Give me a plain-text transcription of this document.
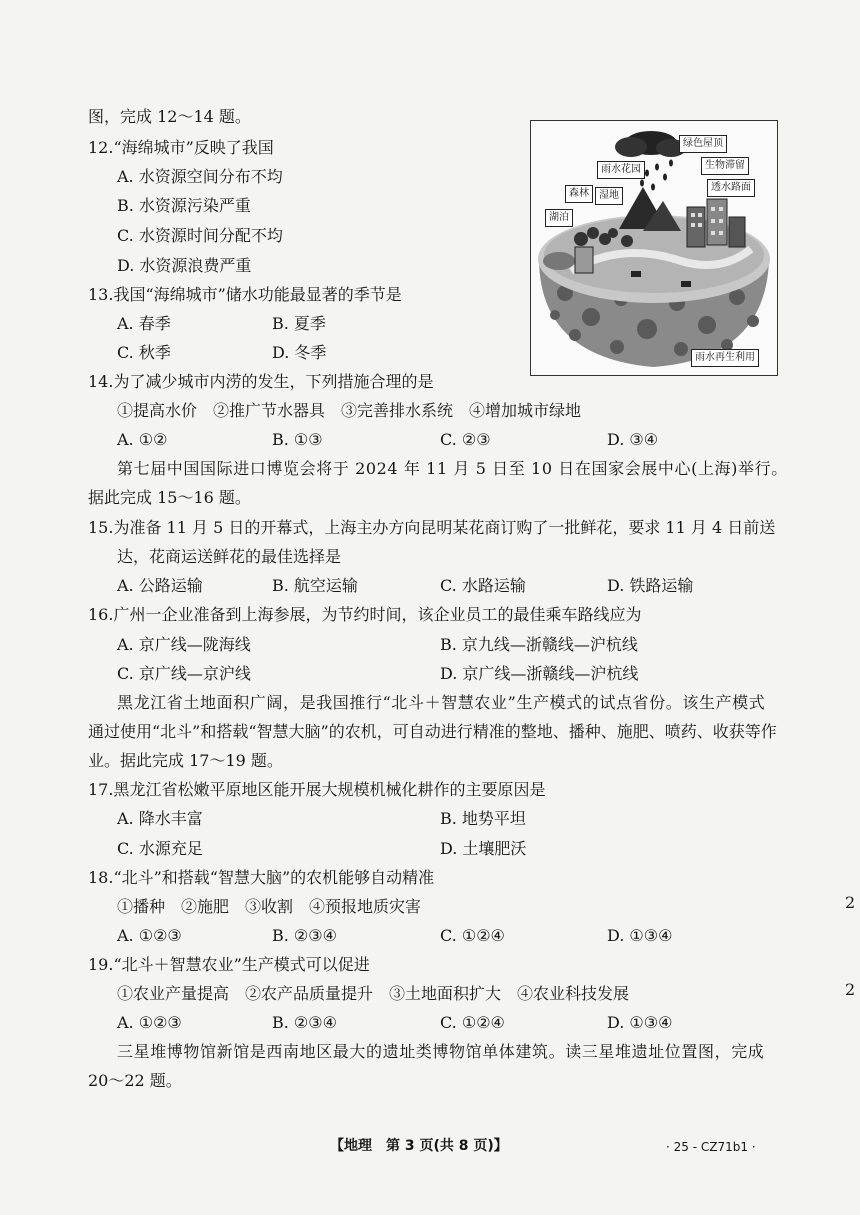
图，完成 12～14 题。
12.“海绵城市”反映了我国
A. 水资源空间分布不均
B. 水资源污染严重
C. 水资源时间分配不均
D. 水资源浪费严重
13.我国“海绵城市”储水功能最显著的季节是
A. 春季	B. 夏季
C. 秋季	D. 冬季
14.为了减少城市内涝的发生，下列措施合理的是
①提高水价　②推广节水器具　③完善排水系统　④增加城市绿地
A. ①②	B. ①③	C. ②③	D. ③④
第七届中国国际进口博览会将于 2024 年 11 月 5 日至 10 日在国家会展中心(上海)举行。
据此完成 15～16 题。
15.为准备 11 月 5 日的开幕式，上海主办方向昆明某花商订购了一批鲜花，要求 11 月 4 日前送
达，花商运送鲜花的最佳选择是
A. 公路运输	B. 航空运输	C. 水路运输	D. 铁路运输
16.广州一企业准备到上海参展，为节约时间，该企业员工的最佳乘车路线应为
A. 京广线—陇海线	B. 京九线—浙赣线—沪杭线
C. 京广线—京沪线	D. 京广线—浙赣线—沪杭线
黑龙江省土地面积广阔，是我国推行“北斗＋智慧农业”生产模式的试点省份。该生产模式
通过使用“北斗”和搭载“智慧大脑”的农机，可自动进行精准的整地、播种、施肥、喷药、收获等作
业。据此完成 17～19 题。
17.黑龙江省松嫩平原地区能开展大规模机械化耕作的主要原因是
A. 降水丰富	B. 地势平坦
C. 水源充足	D. 土壤肥沃
18.“北斗”和搭载“智慧大脑”的农机能够自动精准
①播种　②施肥　③收割　④预报地质灾害
A. ①②③	B. ②③④	C. ①②④	D. ①③④
19.“北斗＋智慧农业”生产模式可以促进
①农业产量提高　②农产品质量提升　③土地面积扩大　④农业科技发展
A. ①②③	B. ②③④	C. ①②④	D. ①③④
三星堆博物馆新馆是西南地区最大的遗址类博物馆单体建筑。读三星堆遗址位置图，完成
20～22 题。
2
2
绿色屋顶
雨水花园	生物滞留
森林	湿地
透水路面
湖泊
雨水再生利用
【地理　第 3 页(共 8 页)】	· 25 - CZ71b1 ·
